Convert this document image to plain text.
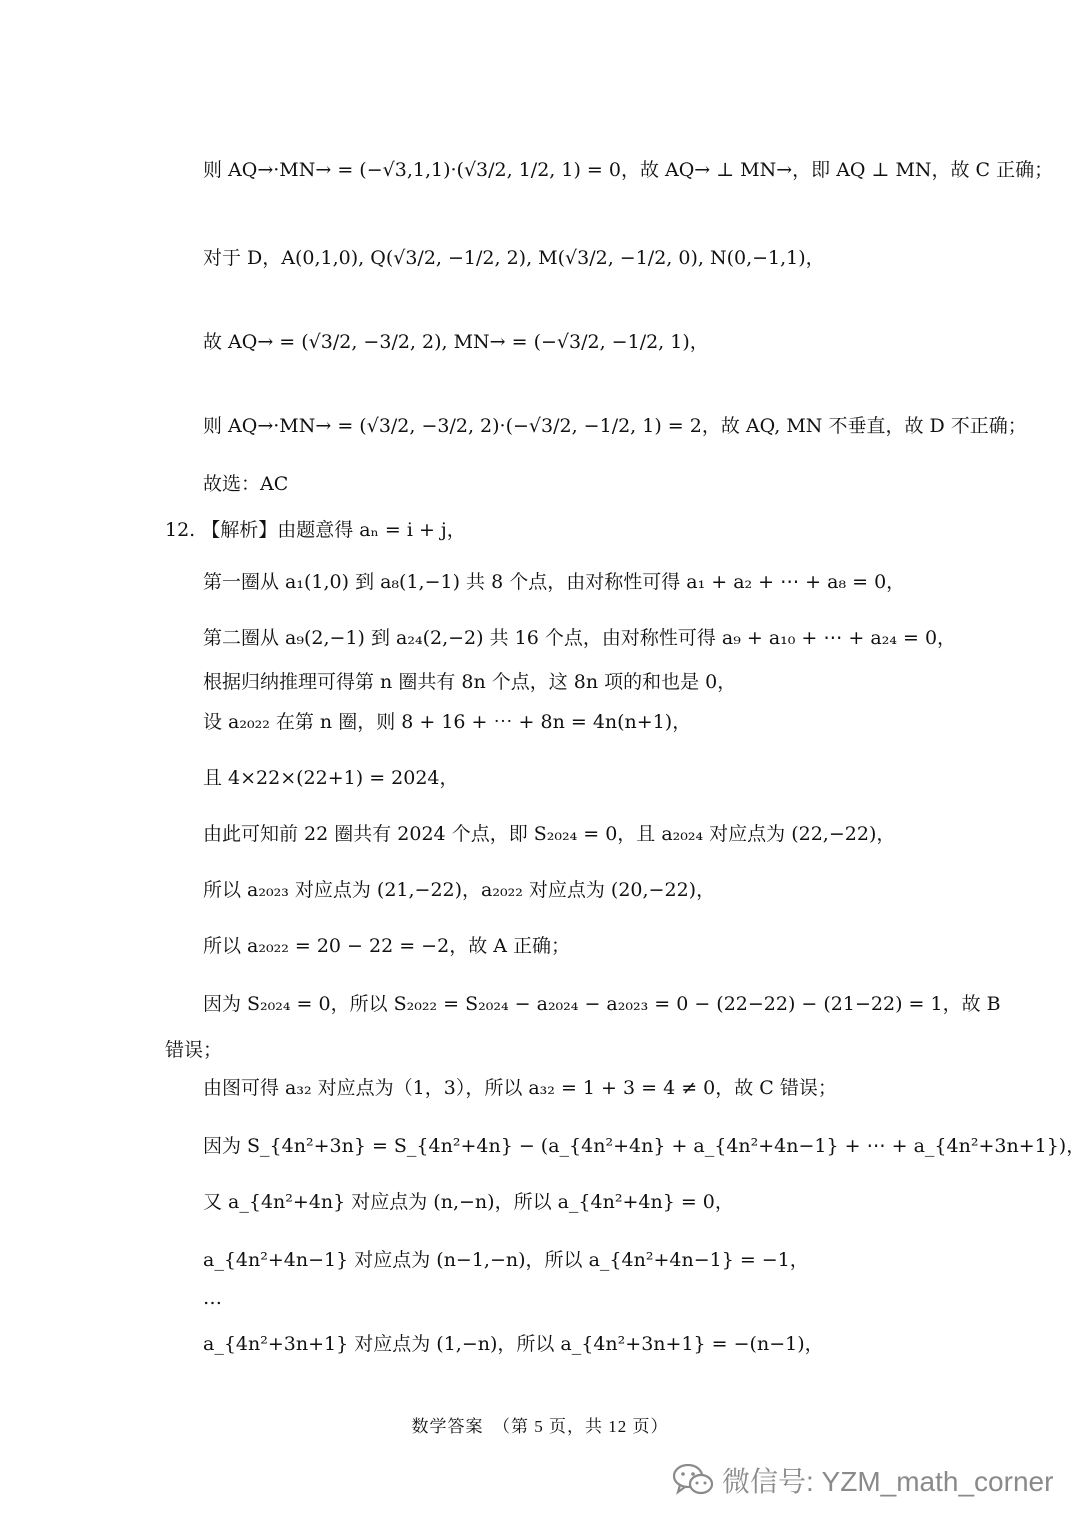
则 AQ→·MN→ = (−√3,1,1)·(√3/2, 1/2, 1) = 0，故 AQ→ ⊥ MN→，即 AQ ⊥ MN，故 C 正确；
对于 D，A(0,1,0), Q(√3/2, −1/2, 2), M(√3/2, −1/2, 0), N(0,−1,1)，
故 AQ→ = (√3/2, −3/2, 2), MN→ = (−√3/2, −1/2, 1)，
则 AQ→·MN→ = (√3/2, −3/2, 2)·(−√3/2, −1/2, 1) = 2，故 AQ, MN 不垂直，故 D 不正确；
故选：AC
12. 【解析】由题意得 aₙ = i + j，
第一圈从 a₁(1,0) 到 a₈(1,−1) 共 8 个点，由对称性可得 a₁ + a₂ + ⋯ + a₈ = 0，
第二圈从 a₉(2,−1) 到 a₂₄(2,−2) 共 16 个点，由对称性可得 a₉ + a₁₀ + ⋯ + a₂₄ = 0，
根据归纳推理可得第 n 圈共有 8n 个点，这 8n 项的和也是 0，
设 a₂₀₂₂ 在第 n 圈，则 8 + 16 + ⋯ + 8n = 4n(n+1)，
且 4×22×(22+1) = 2024，
由此可知前 22 圈共有 2024 个点，即 S₂₀₂₄ = 0，且 a₂₀₂₄ 对应点为 (22,−22)，
所以 a₂₀₂₃ 对应点为 (21,−22)，a₂₀₂₂ 对应点为 (20,−22)，
所以 a₂₀₂₂ = 20 − 22 = −2，故 A 正确；
因为 S₂₀₂₄ = 0，所以 S₂₀₂₂ = S₂₀₂₄ − a₂₀₂₄ − a₂₀₂₃ = 0 − (22−22) − (21−22) = 1，故 B
错误；
由图可得 a₃₂ 对应点为（1，3），所以 a₃₂ = 1 + 3 = 4 ≠ 0，故 C 错误；
因为 S_{4n²+3n} = S_{4n²+4n} − (a_{4n²+4n} + a_{4n²+4n−1} + ⋯ + a_{4n²+3n+1})，
又 a_{4n²+4n} 对应点为 (n,−n)，所以 a_{4n²+4n} = 0，
a_{4n²+4n−1} 对应点为 (n−1,−n)，所以 a_{4n²+4n−1} = −1，
…
a_{4n²+3n+1} 对应点为 (1,−n)，所以 a_{4n²+3n+1} = −(n−1)，
数学答案　（第 5 页，共 12 页）
微信号: YZM_math_corner
